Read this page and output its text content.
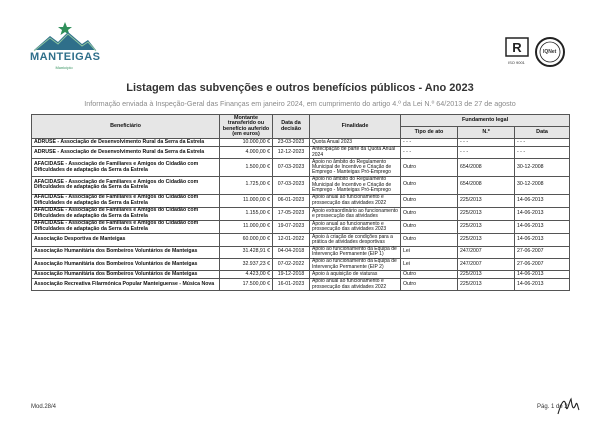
MANTEIGAS
Município
R
ISO 9001
IQNet
Listagem das subvenções e outros benefícios públicos - Ano 2023
Informação enviada à Inspeção-Geral das Finanças em janeiro 2024, em cumprimento do artigo 4.º da Lei N.º 64/2013 de 27 de agosto
Beneficiário	Montante transferido ou benefício auferido (em euros)	Data da decisão	Finalidade	Fundamento legal		
				Tipo de ato	N.º	Data
ADRUSE - Associação de Desenvolvimento Rural da Serra da Estrela	10.000,00 €	23-03-2023	Quota Anual 2023	- - -	- - -	- - -
ADRUSE - Associação de Desenvolvimento Rural da Serra da Estrela	4.000,00 €	12-12-2023	Antecipação de parte da Quota Anual 2024	- - -	- - -	- - -
AFACIDASE - Associação de Familiares e Amigos do Cidadão com Dificuldades de adaptação da Serra da Estrela	1.500,00 €	07-03-2023	Apoio no âmbito do Regulamento Municipal de Incentivo e Criação de Emprego - Manteigas Pró-Emprego	Outro	654/2008	30-12-2008
AFACIDASE - Associação de Familiares e Amigos do Cidadão com Dificuldades de adaptação da Serra da Estrela	1.725,00 €	07-03-2023	Apoio no âmbito do Regulamento Municipal de Incentivo e Criação de Emprego - Manteigas Pró-Emprego	Outro	654/2008	30-12-2008
AFACIDASE - Associação de Familiares e Amigos do Cidadão com Dificuldades de adaptação da Serra da Estrela	11.000,00 €	06-01-2023	Apoio anual ao funcionamento e prossecução das atividades 2022	Outro	225/2013	14-06-2013
AFACIDASE - Associação de Familiares e Amigos do Cidadão com Dificuldades de adaptação da Serra da Estrela	1.155,00 €	17-05-2023	Apoio extraordinário ao funcionamento e prossecução das atividades	Outro	225/2013	14-06-2013
AFACIDASE - Associação de Familiares e Amigos do Cidadão com Dificuldades de adaptação da Serra da Estrela	11.000,00 €	19-07-2023	Apoio anual ao funcionamento e prossecução das atividades 2023	Outro	225/2013	14-06-2013
Associação Desportiva de Manteigas	60.000,00 €	12-01-2022	Apoio à criação de condições para a prática de atividades desportivas	Outro	225/2013	14-06-2013
Associação Humanitária dos Bombeiros Voluntários de Manteigas	31.428,91 €	04-04-2018	Apoio ao funcionamento da Equipa de Intervenção Permanente (EIP 1)	Lei	247/2007	27-06-2007
Associação Humanitária dos Bombeiros Voluntários de Manteigas	32.937,23 €	07-02-2022	Apoio ao funcionamento da Equipa de Intervenção Permanente (EIP 2)	Lei	247/2007	27-06-2007
Associação Humanitária dos Bombeiros Voluntários de Manteigas	4.423,00 €	19-12-2018	Apoio à aquisição de viaturas	Outro	225/2013	14-06-2013
Associação Recreativa Filarmónica Popular Manteiguense - Música Nova	17.500,00 €	16-01-2023	Apoio anual ao funcionamento e prossecução das atividades 2022	Outro	225/2013	14-06-2013
Mod.28/4	Pág. 1 de 2
